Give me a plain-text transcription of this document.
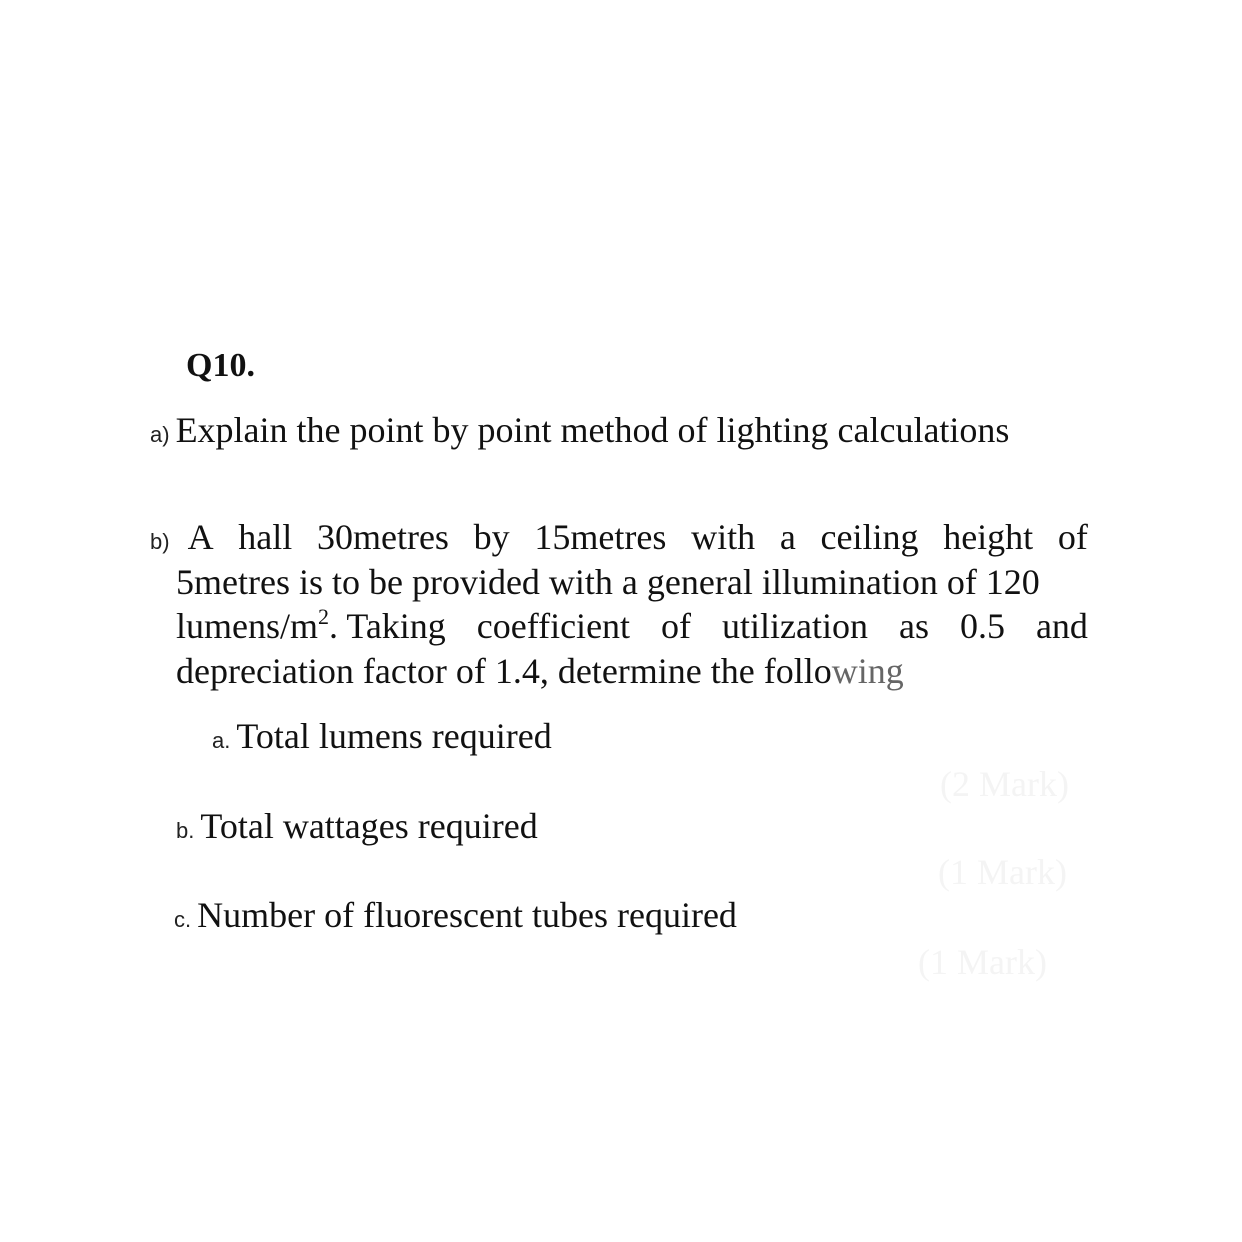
Q10.
a) Explain the point by point method of lighting calculations
b) A hall 30metres by 15metres with a ceiling height of
5metres is to be provided with a general illumination of 120
lumens/$m^2$. Taking coefficient of utilization as 0.5 and
depreciation factor of 1.4, determine the following
a. Total lumens required
(2 Mark)
b. Total wattages required
(1 Mark)
c. Number of fluorescent tubes required
(1 Mark)
